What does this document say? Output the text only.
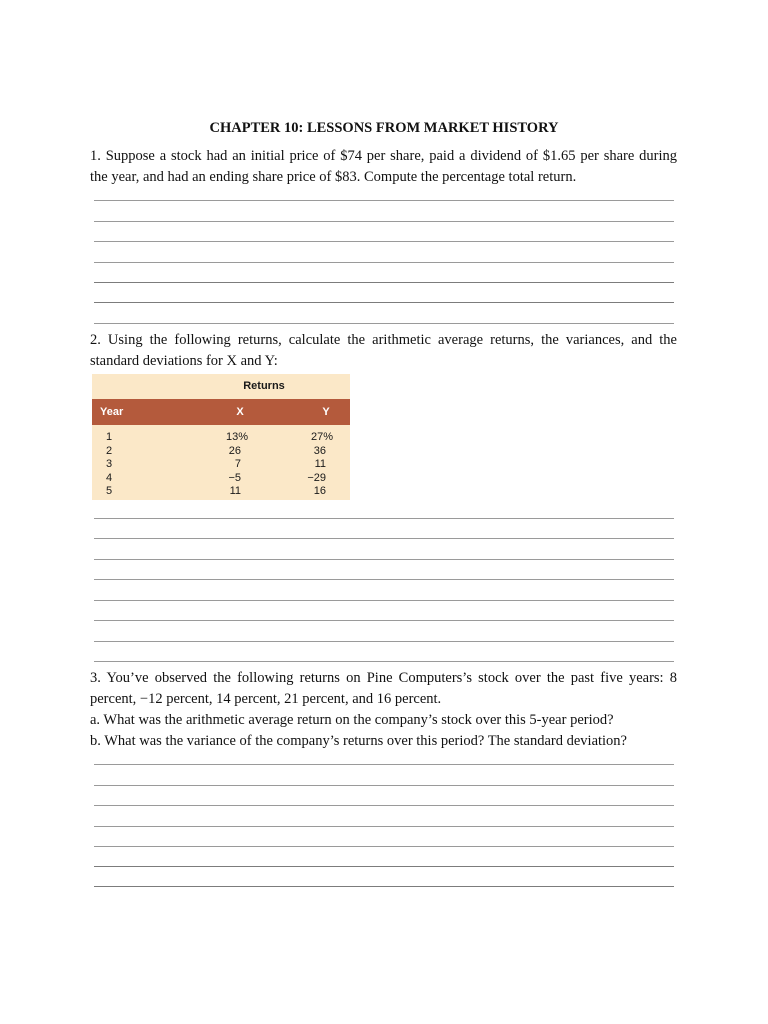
CHAPTER 10: LESSONS FROM MARKET HISTORY
1. Suppose a stock had an initial price of $74 per share, paid a dividend of $1.65 per share during
the year, and had an ending share price of $83. Compute the percentage total return.
2. Using the following returns, calculate the arithmetic average returns, the variances, and the
standard deviations for X and Y:
Returns
Year	X	Y
1	13%	27%
2	26	36
3	7	11
4	−5	−29
5	11	16
3. You’ve observed the following returns on Pine Computers’s stock over the past five years: 8
percent, −12 percent, 14 percent, 21 percent, and 16 percent.
a. What was the arithmetic average return on the company’s stock over this 5-year period?
b. What was the variance of the company’s returns over this period? The standard deviation?
